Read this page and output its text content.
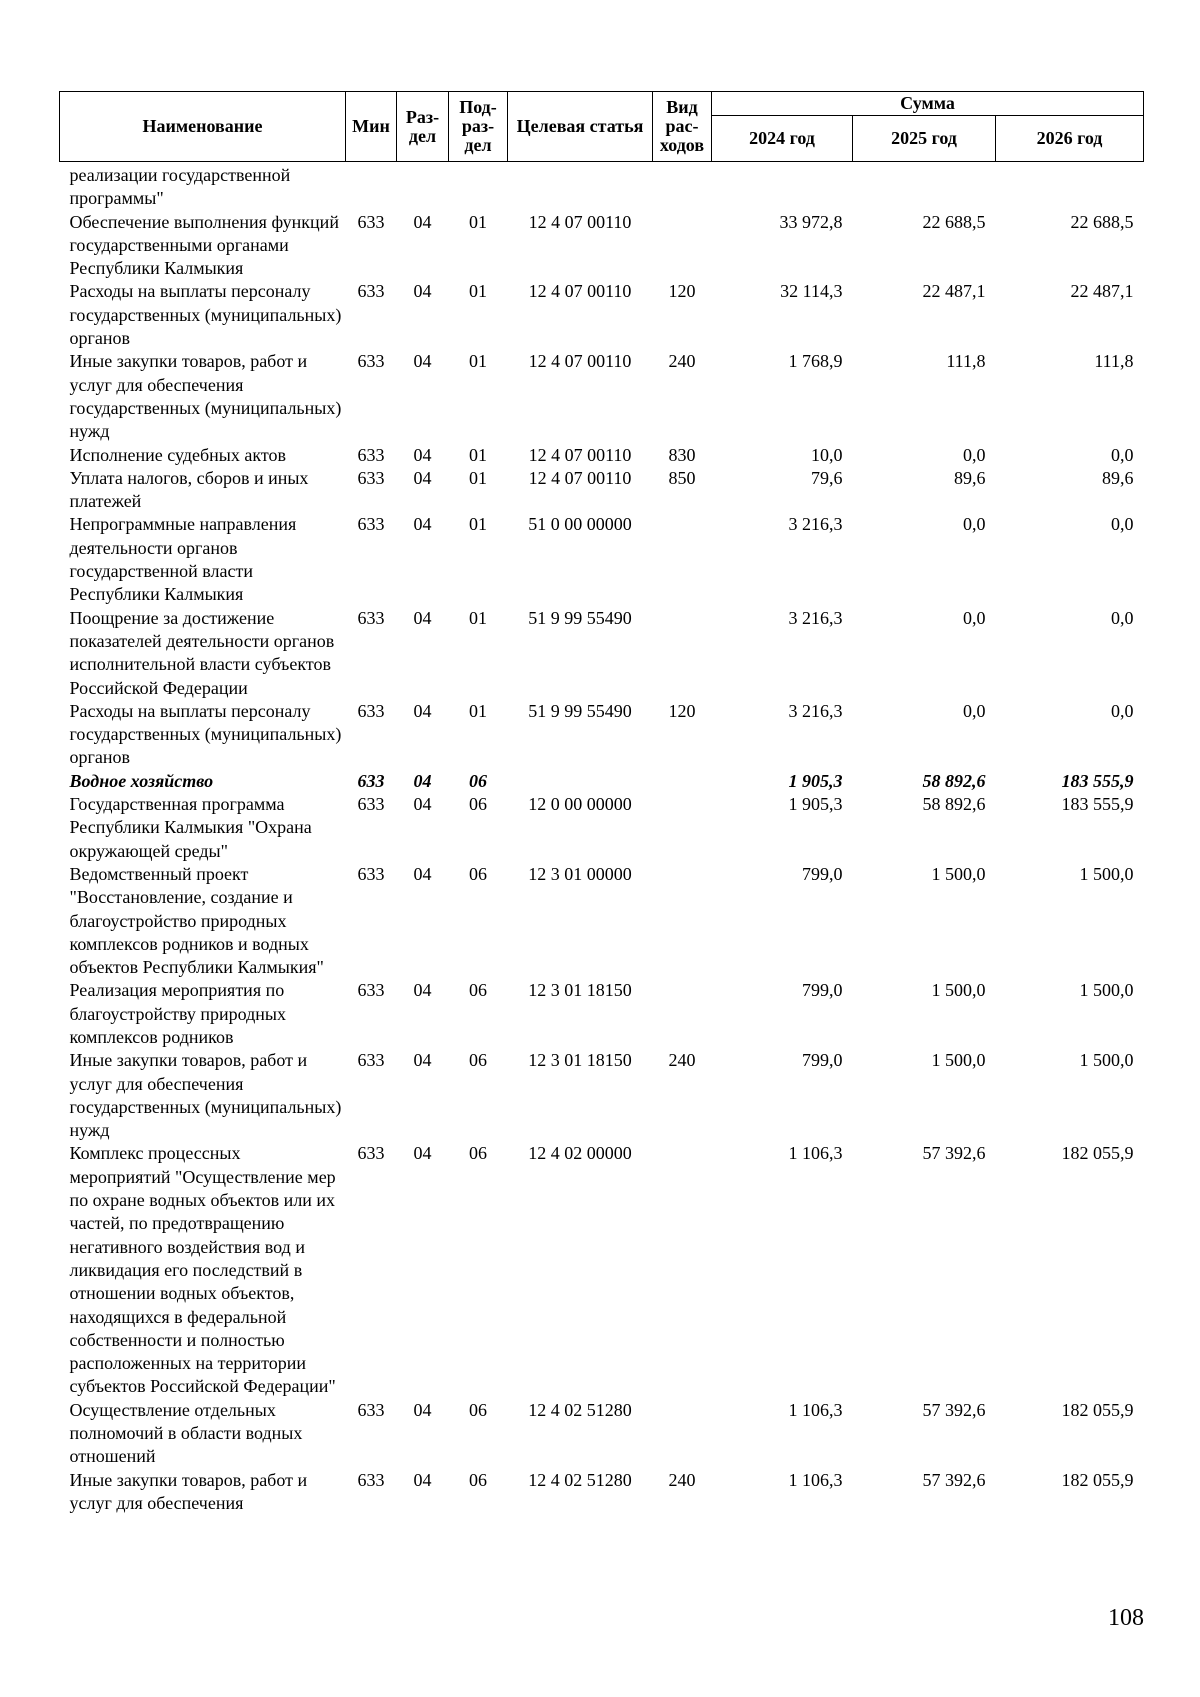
Наименование	Мин	Раз-дел	Под-раз-дел	Целевая статья	Вид рас-ходов	Сумма		
						2024 год	2025 год	2026 год
реализации государственной программы"								
Обеспечение выполнения функций государственными органами Республики Калмыкия	633	04	01	12 4 07 00110		33 972,8	22 688,5	22 688,5
Расходы на выплаты персоналу государственных (муниципальных) органов	633	04	01	12 4 07 00110	120	32 114,3	22 487,1	22 487,1
Иные закупки товаров, работ и услуг для обеспечения государственных (муниципальных) нужд	633	04	01	12 4 07 00110	240	1 768,9	111,8	111,8
Исполнение судебных актов	633	04	01	12 4 07 00110	830	10,0	0,0	0,0
Уплата налогов, сборов и иных платежей	633	04	01	12 4 07 00110	850	79,6	89,6	89,6
Непрограммные направления деятельности органов государственной власти Республики Калмыкия	633	04	01	51 0 00 00000		3 216,3	0,0	0,0
Поощрение за достижение показателей деятельности органов исполнительной власти субъектов Российской Федерации	633	04	01	51 9 99 55490		3 216,3	0,0	0,0
Расходы на выплаты персоналу государственных (муниципальных) органов	633	04	01	51 9 99 55490	120	3 216,3	0,0	0,0
Водное хозяйство	633	04	06			1 905,3	58 892,6	183 555,9
Государственная программа Республики Калмыкия "Охрана окружающей среды"	633	04	06	12 0 00 00000		1 905,3	58 892,6	183 555,9
Ведомственный проект "Восстановление, создание и благоустройство природных комплексов родников и водных объектов Республики Калмыкия"	633	04	06	12 3 01 00000		799,0	1 500,0	1 500,0
Реализация мероприятия по благоустройству природных комплексов родников	633	04	06	12 3 01 18150		799,0	1 500,0	1 500,0
Иные закупки товаров, работ и услуг для обеспечения государственных (муниципальных) нужд	633	04	06	12 3 01 18150	240	799,0	1 500,0	1 500,0
Комплекс процессных мероприятий "Осуществление мер по охране водных объектов или их частей, по предотвращению негативного воздействия вод и ликвидация его последствий в отношении водных объектов, находящихся в федеральной собственности и полностью расположенных на территории субъектов Российской Федерации"	633	04	06	12 4 02 00000		1 106,3	57 392,6	182 055,9
Осуществление отдельных полномочий в области водных отношений	633	04	06	12 4 02 51280		1 106,3	57 392,6	182 055,9
Иные закупки товаров, работ и услуг для обеспечения	633	04	06	12 4 02 51280	240	1 106,3	57 392,6	182 055,9
108
